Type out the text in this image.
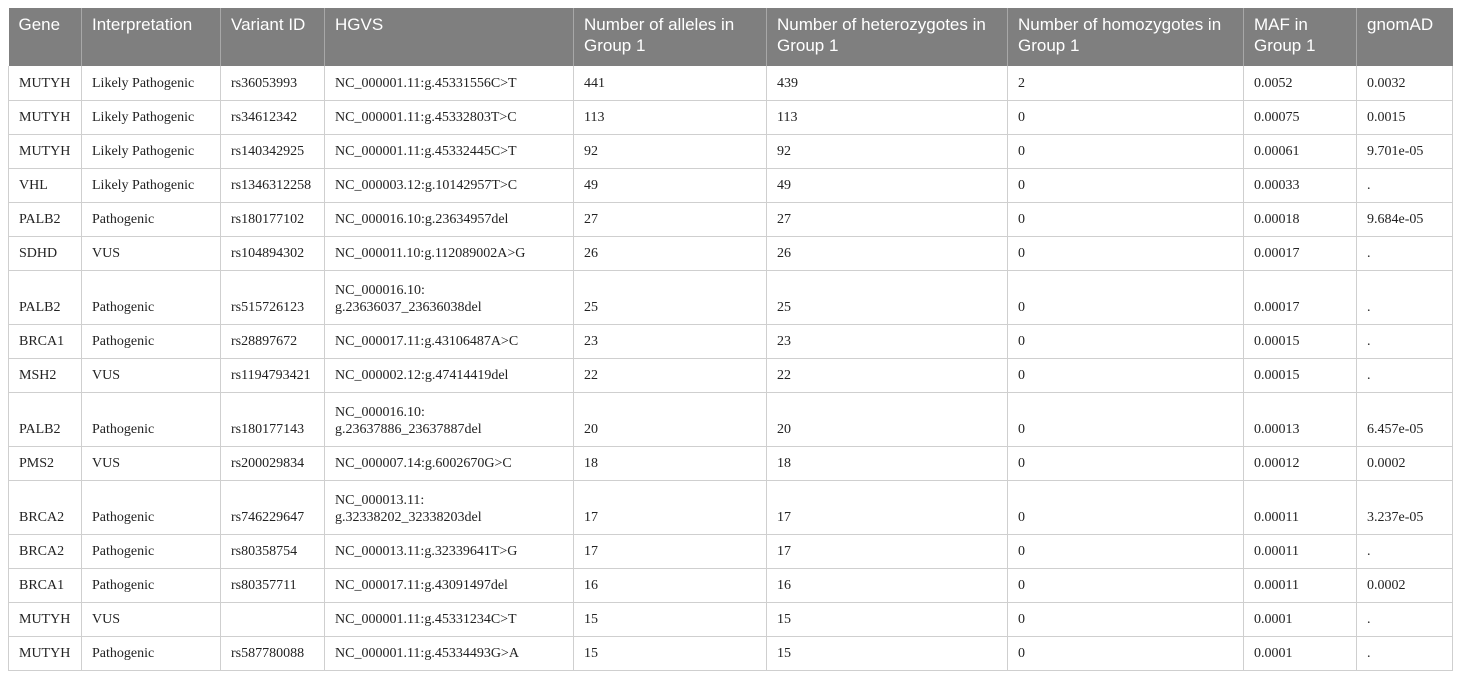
Gene	Interpretation	Variant ID	HGVS	Number of alleles in Group 1	Number of heterozygotes in Group 1	Number of homozygotes in Group 1	MAF in Group 1	gnomAD
MUTYH	Likely Pathogenic	rs36053993	NC_000001.11:g.45331556C>T	441	439	2	0.0052	0.0032
MUTYH	Likely Pathogenic	rs34612342	NC_000001.11:g.45332803T>C	113	113	0	0.00075	0.0015
MUTYH	Likely Pathogenic	rs140342925	NC_000001.11:g.45332445C>T	92	92	0	0.00061	9.701e-05
VHL	Likely Pathogenic	rs1346312258	NC_000003.12:g.10142957T>C	49	49	0	0.00033	.
PALB2	Pathogenic	rs180177102	NC_000016.10:g.23634957del	27	27	0	0.00018	9.684e-05
SDHD	VUS	rs104894302	NC_000011.10:g.112089002A>G	26	26	0	0.00017	.
PALB2	Pathogenic	rs515726123	NC_000016.10:
g.23636037_23636038del	25	25	0	0.00017	.
BRCA1	Pathogenic	rs28897672	NC_000017.11:g.43106487A>C	23	23	0	0.00015	.
MSH2	VUS	rs1194793421	NC_000002.12:g.47414419del	22	22	0	0.00015	.
PALB2	Pathogenic	rs180177143	NC_000016.10:
g.23637886_23637887del	20	20	0	0.00013	6.457e-05
PMS2	VUS	rs200029834	NC_000007.14:g.6002670G>C	18	18	0	0.00012	0.0002
BRCA2	Pathogenic	rs746229647	NC_000013.11:
g.32338202_32338203del	17	17	0	0.00011	3.237e-05
BRCA2	Pathogenic	rs80358754	NC_000013.11:g.32339641T>G	17	17	0	0.00011	.
BRCA1	Pathogenic	rs80357711	NC_000017.11:g.43091497del	16	16	0	0.00011	0.0002
MUTYH	VUS		NC_000001.11:g.45331234C>T	15	15	0	0.0001	.
MUTYH	Pathogenic	rs587780088	NC_000001.11:g.45334493G>A	15	15	0	0.0001	.
